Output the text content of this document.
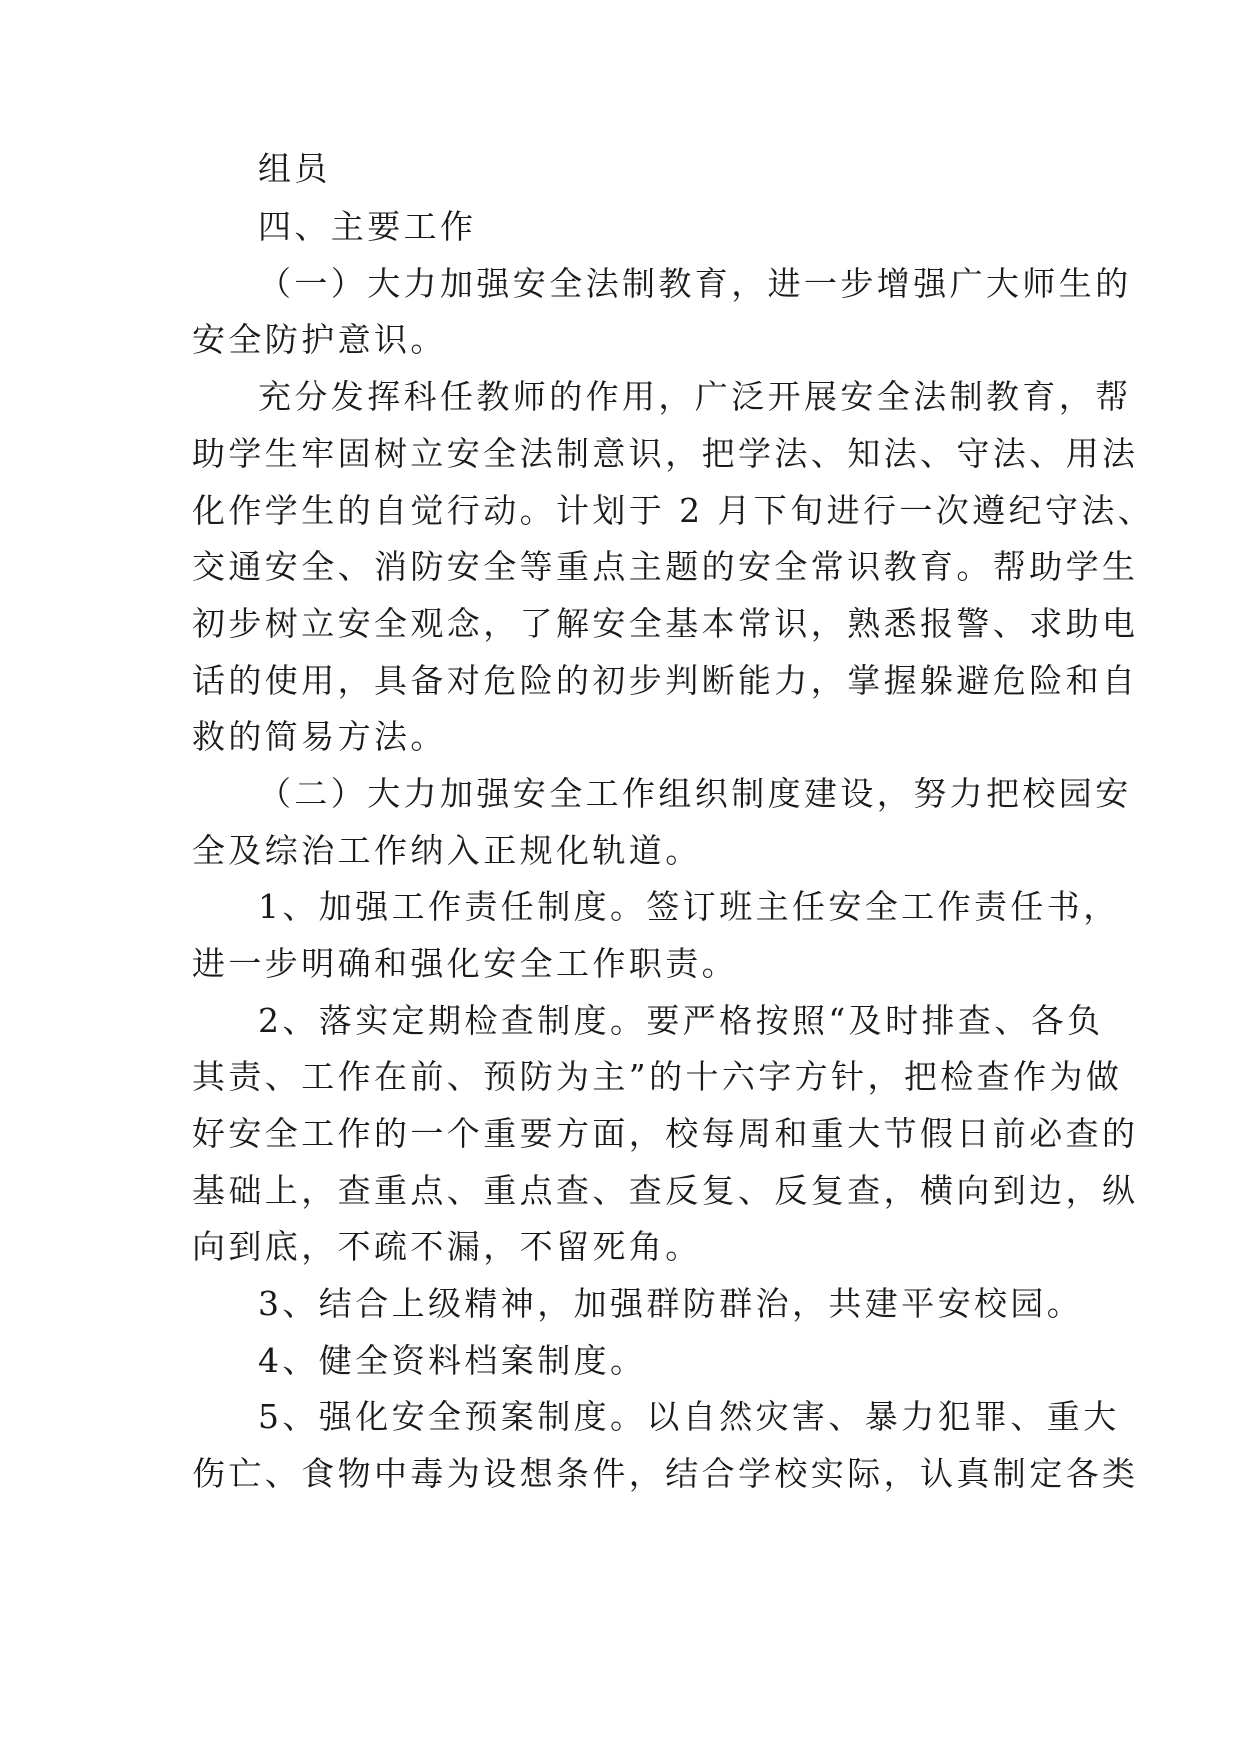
组员

四、主要工作

（一）大力加强安全法制教育，进一步增强广大师生的

安全防护意识。

充分发挥科任教师的作用，广泛开展安全法制教育，帮

助学生牢固树立安全法制意识，把学法、知法、守法、用法

化作学生的自觉行动。计划于 2 月下旬进行一次遵纪守法、

交通安全、消防安全等重点主题的安全常识教育。帮助学生

初步树立安全观念，了解安全基本常识，熟悉报警、求助电

话的使用，具备对危险的初步判断能力，掌握躲避危险和自

救的简易方法。

（二）大力加强安全工作组织制度建设，努力把校园安

全及综治工作纳入正规化轨道。

1、加强工作责任制度。签订班主任安全工作责任书，

进一步明确和强化安全工作职责。

2、落实定期检查制度。要严格按照“及时排查、各负

其责、工作在前、预防为主”的十六字方针，把检查作为做

好安全工作的一个重要方面，校每周和重大节假日前必查的

基础上，查重点、重点查、查反复、反复查，横向到边，纵

向到底，不疏不漏，不留死角。

3、结合上级精神，加强群防群治，共建平安校园。

4、健全资料档案制度。

5、强化安全预案制度。以自然灾害、暴力犯罪、重大

伤亡、食物中毒为设想条件，结合学校实际，认真制定各类
